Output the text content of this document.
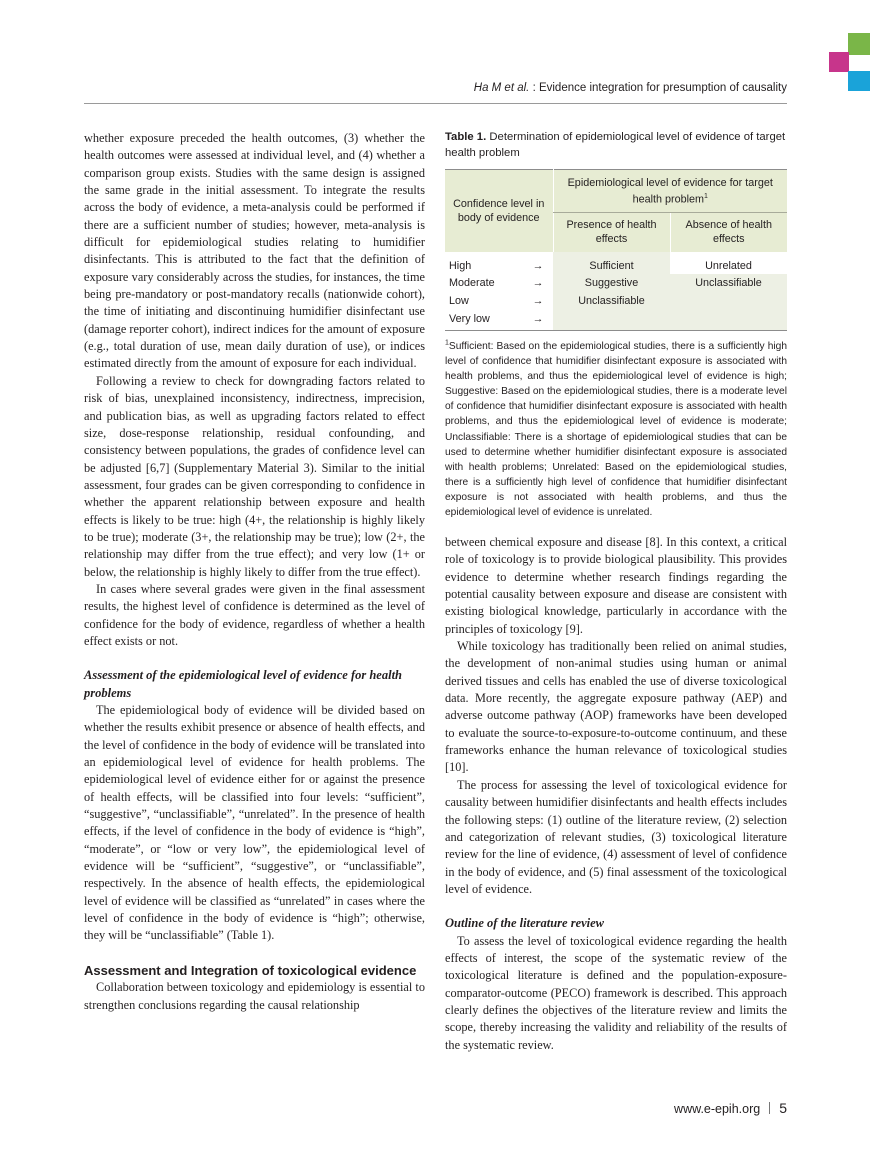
Ha M et al. : Evidence integration for presumption of causality

whether exposure preceded the health outcomes, (3) whether the health outcomes were assessed at individual level, and (4) whether a comparison group exists. Studies with the same design is assigned the same grade in the initial assessment. To integrate the results across the body of evidence, a meta-analysis could be performed if there are a sufficient number of studies; however, meta-analysis is difficult for epidemiological studies relating to humidifier disinfectants. This is attributed to the fact that the definition of exposure vary considerably across the studies, for instances, the time being pre-mandatory or post-mandatory recalls (nationwide cohort), the time of initiating and discontinuing humidifier disinfectant use (damage reporter cohort), indirect indices for the amount of exposure (e.g., total duration of use, mean daily duration of use), or indices estimated directly from the amount of exposure for each individual.

Following a review to check for downgrading factors related to risk of bias, unexplained inconsistency, indirectness, imprecision, and publication bias, as well as upgrading factors related to effect size, dose-response relationship, residual confounding, and consistency between populations, the grades of confidence level can be adjusted [6,7] (Supplementary Material 3). Similar to the initial assessment, four grades can be given corresponding to confidence in whether the apparent relationship between exposure and health effects is likely to be true: high (4+, the relationship is highly likely to be true); moderate (3+, the relationship may be true); low (2+, the relationship may differ from the true effect); and very low (1+ or below, the relationship is highly likely to differ from the true effect).

In cases where several grades were given in the final assessment results, the highest level of confidence is determined as the level of confidence for the body of evidence, regardless of whether a health effect exists or not.

Assessment of the epidemiological level of evidence for health problems

The epidemiological body of evidence will be divided based on whether the results exhibit presence or absence of health effects, and the level of confidence in the body of evidence will be translated into an epidemiological level of evidence for health problems. The epidemiological level of evidence either for or against the presence of health effects, will be classified into four levels: “sufficient”, “suggestive”, “unclassifiable”, “unrelated”. In the presence of health effects, if the level of confidence in the body of evidence is “high”, “moderate”, or “low or very low”, the epidemiological level of evidence will be “sufficient”, “suggestive”, or “unclassifiable”, respectively. In the absence of health effects, the epidemiological level of evidence will be classified as “unrelated” in cases where the level of confidence in the body of evidence is “high”; otherwise, they will be “unclassifiable” (Table 1).

Assessment and Integration of toxicological evidence

Collaboration between toxicology and epidemiology is essential to strengthen conclusions regarding the causal relationship

Table 1. Determination of epidemiological level of evidence of target health problem
Confidence level in body of evidence		Epidemiological level of evidence for target health problem$^1$
		Presence of health effects	Absence of health effects
High	→	Sufficient	Unrelated
Moderate	→	Suggestive	Unclassifiable
Low	→	Unclassifiable	
Very low	→		

$^1$Sufficient: Based on the epidemiological studies, there is a sufficiently high level of confidence that humidifier disinfectant exposure is associated with health problems, and thus the epidemiological level of evidence is high; Suggestive: Based on the epidemiological studies, there is a moderate level of confidence that humidifier disinfectant exposure is associated with health problems, and thus the epidemiological level of evidence is moderate; Unclassifiable: There is a shortage of epidemiological studies that can be used to determine whether humidifier disinfectant exposure is associated with health problems; Unrelated: Based on the epidemiological studies, there is a sufficiently high level of confidence that humidifier disinfectant exposure is not associated with health problems, and thus the epidemiological level of evidence is unrelated.

between chemical exposure and disease [8]. In this context, a critical role of toxicology is to provide biological plausibility. This provides evidence to determine whether research findings regarding the potential causality between exposure and disease are consistent with existing biological knowledge, particularly in accordance with the principles of toxicology [9].

While toxicology has traditionally been relied on animal studies, the development of non-animal studies using human or animal derived tissues and cells has enabled the use of diverse toxicological data. More recently, the aggregate exposure pathway (AEP) and adverse outcome pathway (AOP) frameworks have been developed to evaluate the source-to-exposure-to-outcome continuum, and these frameworks enhance the human relevance of toxicological studies [10].

The process for assessing the level of toxicological evidence for causality between humidifier disinfectants and health effects includes the following steps: (1) outline of the literature review, (2) selection and categorization of relevant studies, (3) toxicological literature review for the line of evidence, (4) assessment of level of confidence in the body of evidence, and (5) final assessment of the toxicological level of evidence.

Outline of the literature review

To assess the level of toxicological evidence regarding the health effects of interest, the scope of the systematic review of the toxicological literature is defined and the population-exposure-comparator-outcome (PECO) framework is described. This approach clearly defines the objectives of the literature review and limits the scope, thereby increasing the validity and reliability of the results of the systematic review.

www.e-epih.org 5
